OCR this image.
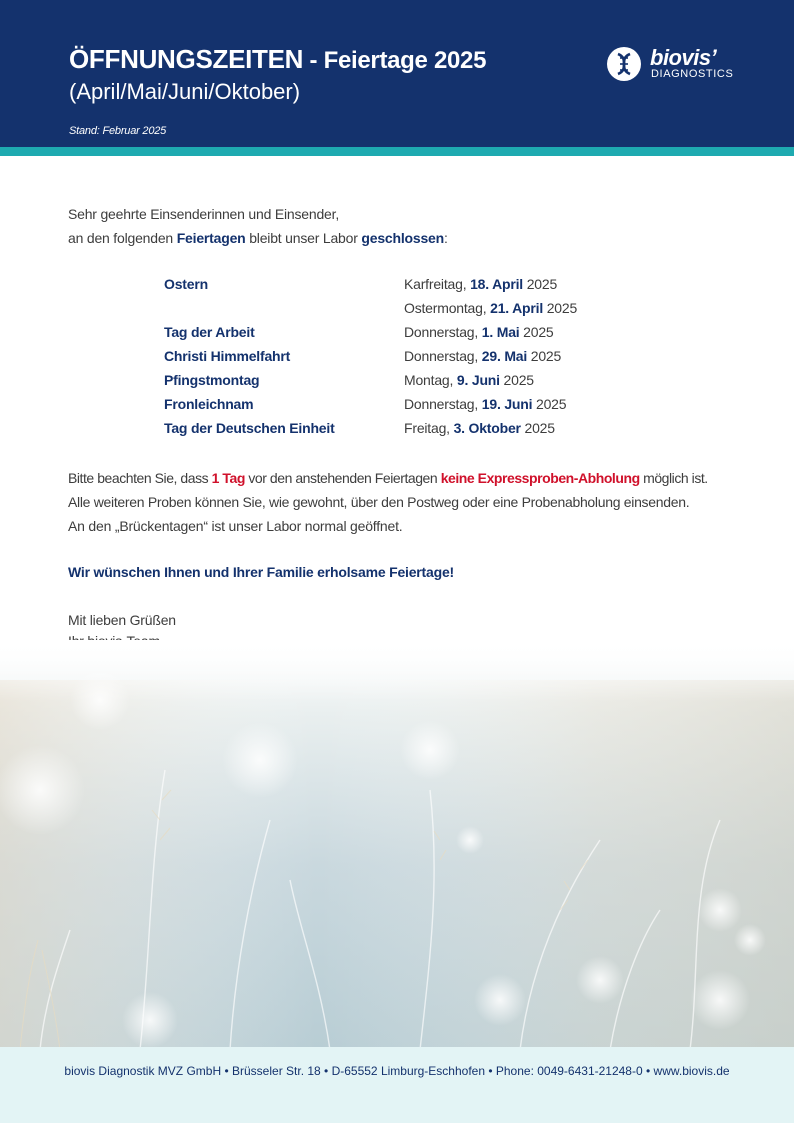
ÖFFNUNGSZEITEN - Feiertage 2025
(April/Mai/Juni/Oktober)
Stand: Februar 2025
biovis’
DIAGNOSTICS
Sehr geehrte Einsenderinnen und Einsender,
an den folgenden Feiertagen bleibt unser Labor geschlossen:
Ostern	Karfreitag, 18. April 2025
Ostermontag, 21. April 2025
Tag der Arbeit	Donnerstag, 1. Mai 2025
Christi Himmelfahrt	Donnerstag, 29. Mai 2025
Pfingstmontag	Montag, 9. Juni 2025
Fronleichnam	Donnerstag, 19. Juni 2025
Tag der Deutschen Einheit	Freitag, 3. Oktober 2025
Bitte beachten Sie, dass 1 Tag vor den anstehenden Feiertagen keine Expressproben-Abholung möglich ist.
Alle weiteren Proben können Sie, wie gewohnt, über den Postweg oder eine Probenabholung einsenden.
An den „Brückentagen“ ist unser Labor normal geöffnet.
Wir wünschen Ihnen und Ihrer Familie erholsame Feiertage!
Mit lieben Grüßen
biovis Diagnostik MVZ GmbH • Brüsseler Str. 18 • D-65552 Limburg-Eschhofen • Phone: 0049-6431-21248-0 • www.biovis.de
